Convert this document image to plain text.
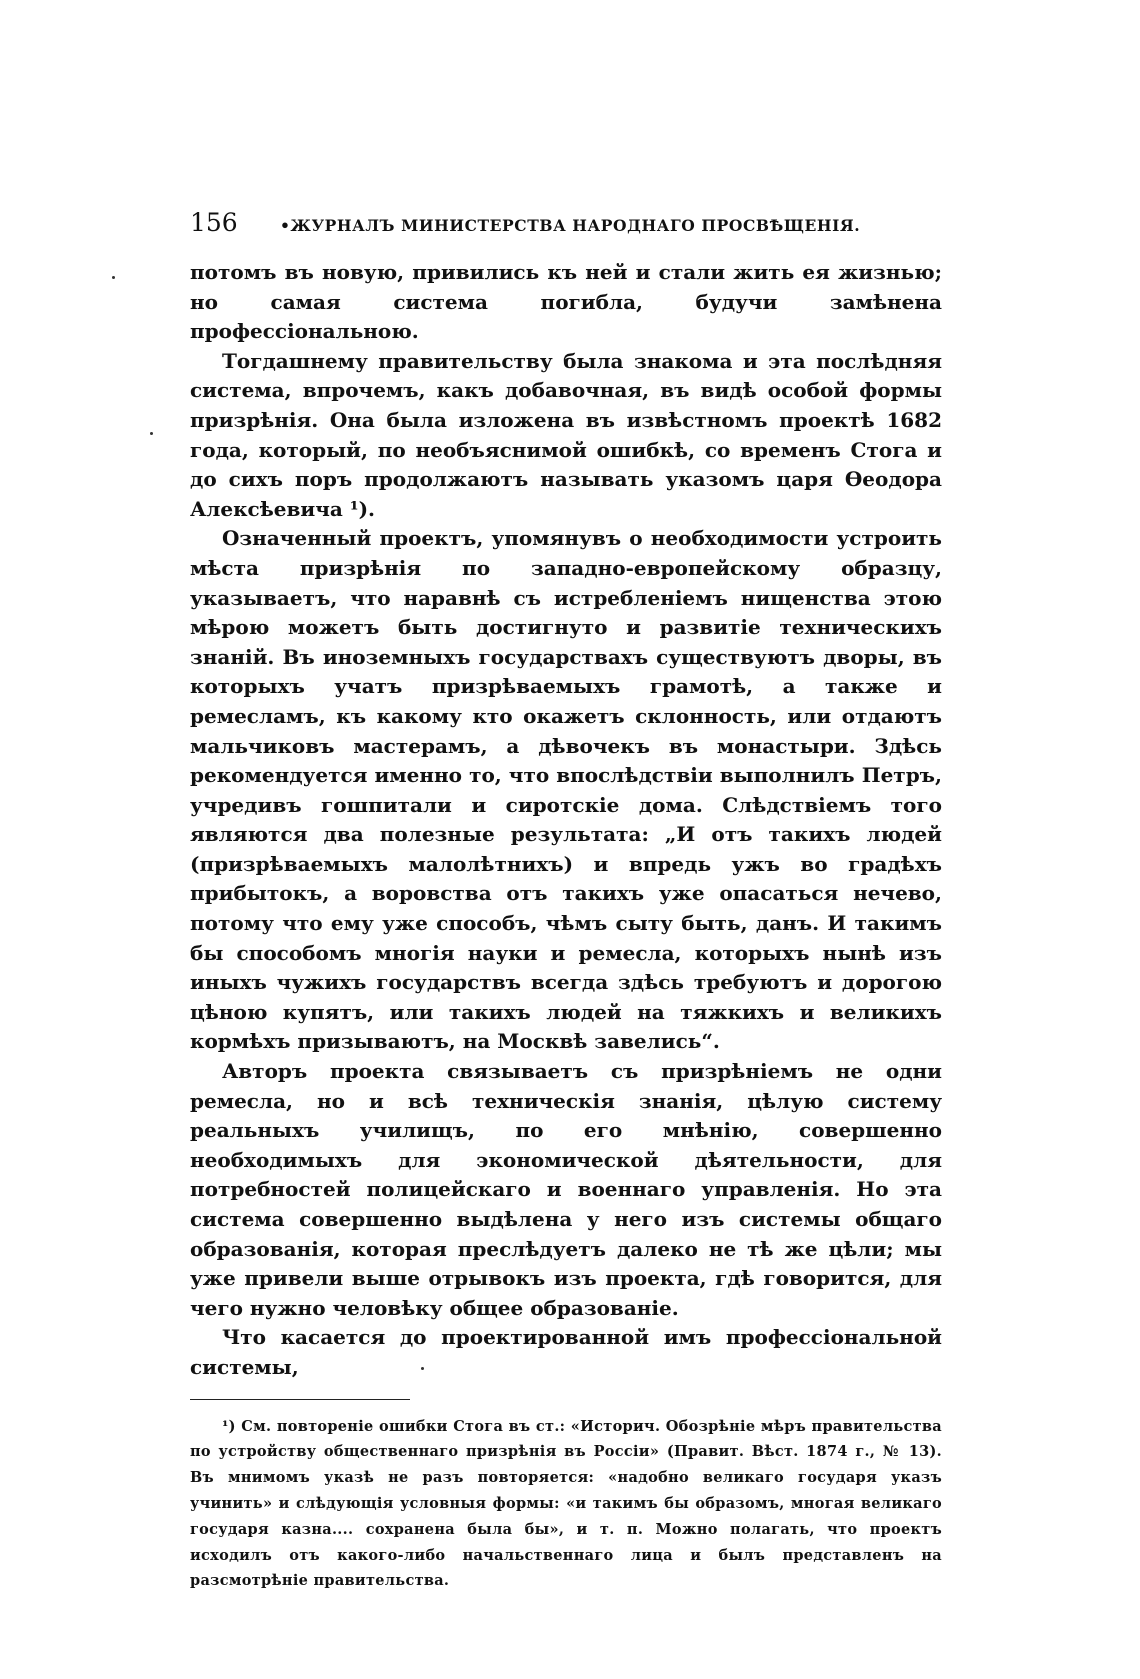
156	•ЖУРНАЛЪ МИНИСТЕРСТВА НАРОДНАГО ПРОСВѢЩЕНІЯ.

потомъ въ новую, привились къ ней и стали жить ея жизнью; но самая система погибла, будучи замѣнена профессіональною.

Тогдашнему правительству была знакома и эта послѣдняя система, впрочемъ, какъ добавочная, въ видѣ особой формы призрѣнія. Она была изложена въ извѣстномъ проектѣ 1682 года, который, по необъяснимой ошибкѣ, со временъ Стога и до сихъ поръ продолжаютъ называть указомъ царя Ѳеодора Алексѣевича ¹).

Означенный проектъ, упомянувъ о необходимости устроить мѣста призрѣнія по западно-европейскому образцу, указываетъ, что наравнѣ съ истребленіемъ нищенства этою мѣрою можетъ быть достигнуто и развитіе техническихъ знаній. Въ иноземныхъ государствахъ существуютъ дворы, въ которыхъ учатъ призрѣваемыхъ грамотѣ, а также и ремесламъ, къ какому кто окажетъ склонность, или отдаютъ мальчиковъ мастерамъ, а дѣвочекъ въ монастыри. Здѣсь рекомендуется именно то, что впослѣдствіи выполнилъ Петръ, учредивъ гошпитали и сиротскіе дома. Слѣдствіемъ того являются два полезные результата: „И отъ такихъ людей (призрѣваемыхъ малолѣтнихъ) и впредь ужъ во градѣхъ прибытокъ, а воровства отъ такихъ уже опасаться нечево, потому что ему уже способъ, чѣмъ сыту быть, данъ. И такимъ бы способомъ многія науки и ремесла, которыхъ нынѣ изъ иныхъ чужихъ государствъ всегда здѣсь требуютъ и дорогою цѣною купятъ, или такихъ людей на тяжкихъ и великихъ кормѣхъ призываютъ, на Москвѣ завелись“.

Авторъ проекта связываетъ съ призрѣніемъ не одни ремесла, но и всѣ техническія знанія, цѣлую систему реальныхъ училищъ, по его мнѣнію, совершенно необходимыхъ для экономической дѣятельности, для потребностей полицейскаго и военнаго управленія. Но эта система совершенно выдѣлена у него изъ системы общаго образованія, которая преслѣдуетъ далеко не тѣ же цѣли; мы уже привели выше отрывокъ изъ проекта, гдѣ говорится, для чего нужно человѣку общее образованіе.

Что касается до проектированной имъ профессіональной системы,

¹) См. повтореніе ошибки Стога въ ст.: «Историч. Обозрѣніе мѣръ правительства по устройству общественнаго призрѣнія въ Россіи» (Правит. Вѣст. 1874 г., № 13). Въ мнимомъ указѣ не разъ повторяется: «надобно великаго государя указъ учинить» и слѣдующія условныя формы: «и такимъ бы образомъ, многая великаго государя казна.... сохранена была бы», и т. п. Можно полагать, что проектъ исходилъ отъ какого-либо начальственнаго лица и былъ представленъ на разсмотрѣніе правительства.
